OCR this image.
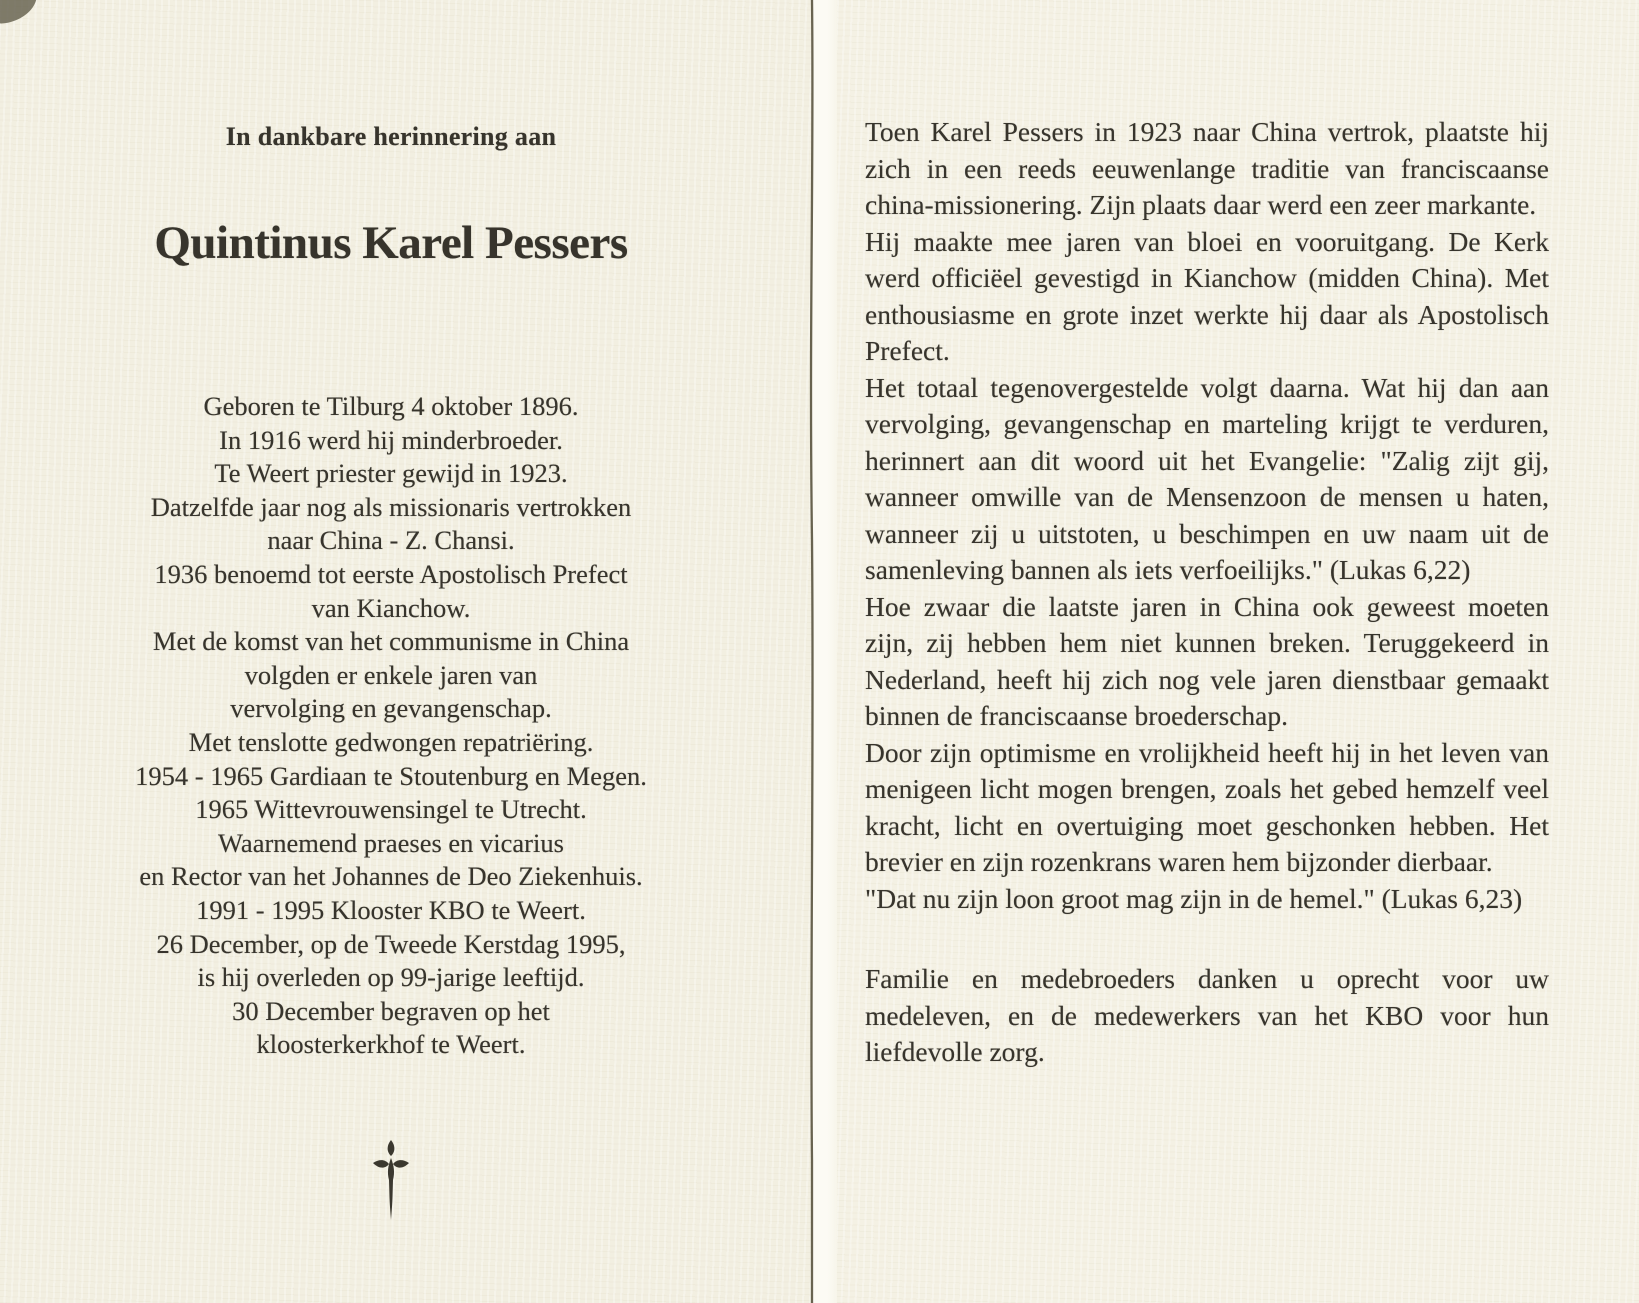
In dankbare herinnering aan
Quintinus Karel Pessers
Geboren te Tilburg 4 oktober 1896.
In 1916 werd hij minderbroeder.
Te Weert priester gewijd in 1923.
Datzelfde jaar nog als missionaris vertrokken
naar China - Z. Chansi.
1936 benoemd tot eerste Apostolisch Prefect
van Kianchow.
Met de komst van het communisme in China
volgden er enkele jaren van
vervolging en gevangenschap.
Met tenslotte gedwongen repatriëring.
1954 - 1965 Gardiaan te Stoutenburg en Megen.
1965 Wittevrouwensingel te Utrecht.
Waarnemend praeses en vicarius
en Rector van het Johannes de Deo Ziekenhuis.
1991 - 1995 Klooster KBO te Weert.
26 December, op de Tweede Kerstdag 1995,
is hij overleden op 99-jarige leeftijd.
30 December begraven op het
kloosterkerkhof te Weert.
Toen Karel Pessers in 1923 naar China vertrok, plaatste hij zich in een reeds eeuwenlange traditie van franciscaanse china-missionering. Zijn plaats daar werd een zeer markante.
Hij maakte mee jaren van bloei en vooruitgang. De Kerk werd officiëel gevestigd in Kianchow (midden China). Met enthousiasme en grote inzet werkte hij daar als Apostolisch Prefect.
Het totaal tegenovergestelde volgt daarna. Wat hij dan aan vervolging, gevangenschap en marteling krijgt te verduren, herinnert aan dit woord uit het Evangelie: "Zalig zijt gij, wanneer omwille van de Mensenzoon de mensen u haten, wanneer zij u uitstoten, u beschimpen en uw naam uit de samenleving bannen als iets verfoeilijks." (Lukas 6,22)
Hoe zwaar die laatste jaren in China ook geweest moeten zijn, zij hebben hem niet kunnen breken. Teruggekeerd in Nederland, heeft hij zich nog vele jaren dienstbaar gemaakt binnen de franciscaanse broederschap.
Door zijn optimisme en vrolijkheid heeft hij in het leven van menigeen licht mogen brengen, zoals het gebed hemzelf veel kracht, licht en overtuiging moet geschonken hebben. Het brevier en zijn rozenkrans waren hem bijzonder dierbaar.
"Dat nu zijn loon groot mag zijn in de hemel." (Lukas 6,23)
Familie en medebroeders danken u oprecht voor uw medeleven, en de medewerkers van het KBO voor hun liefdevolle zorg.
